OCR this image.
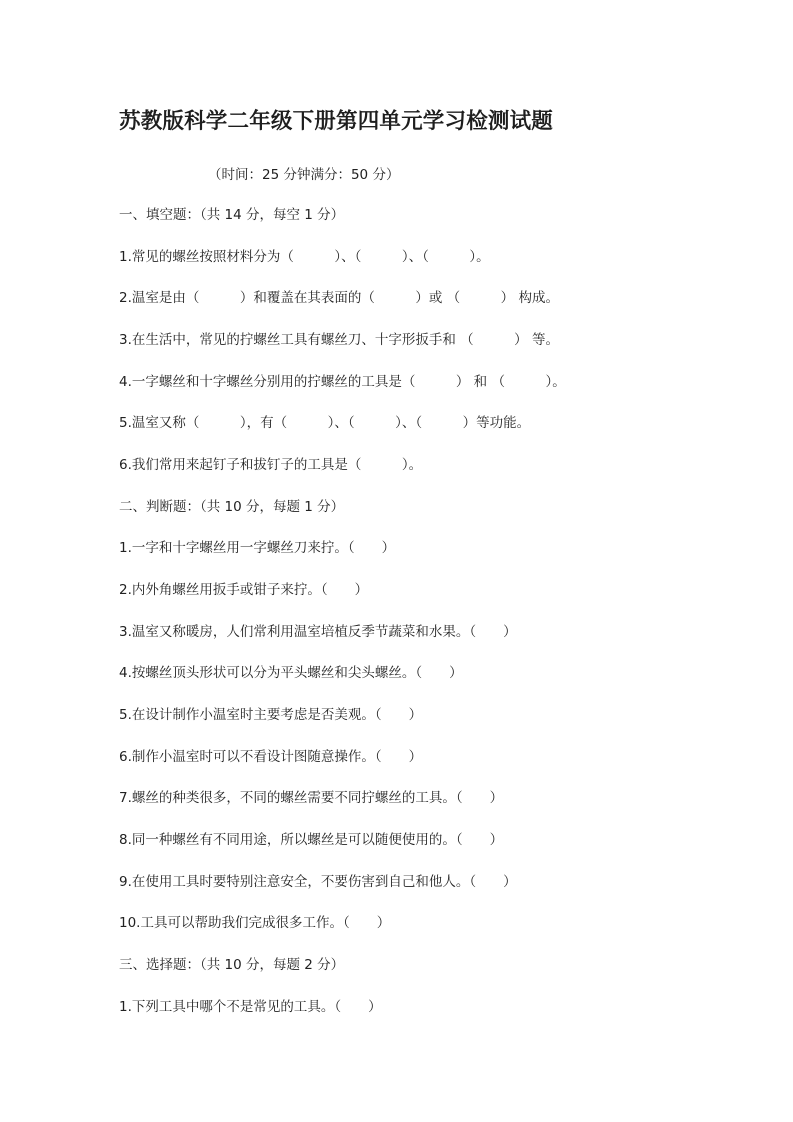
苏教版科学二年级下册第四单元学习检测试题
（时间：25 分钟满分：50 分）
一、填空题：（共 14 分，每空 1 分）
1.常见的螺丝按照材料分为（　　　）、（　　　）、（　　　）。
2.温室是由（　　　）和覆盖在其表面的（　　　）或 （　　　） 构成。
3.在生活中，常见的拧螺丝工具有螺丝刀、十字形扳手和 （　　　） 等。
4.一字螺丝和十字螺丝分别用的拧螺丝的工具是（　　　） 和 （　　　）。
5.温室又称（　　　），有（　　　）、（　　　）、（　　　）等功能。
6.我们常用来起钉子和拔钉子的工具是（　　　）。
二、判断题：（共 10 分，每题 1 分）
1.一字和十字螺丝用一字螺丝刀来拧。（　　）
2.内外角螺丝用扳手或钳子来拧。（　　）
3.温室又称暖房，人们常利用温室培植反季节蔬菜和水果。（　　）
4.按螺丝顶头形状可以分为平头螺丝和尖头螺丝。（　　）
5.在设计制作小温室时主要考虑是否美观。（　　）
6.制作小温室时可以不看设计图随意操作。（　　）
7.螺丝的种类很多，不同的螺丝需要不同拧螺丝的工具。（　　）
8.同一种螺丝有不同用途，所以螺丝是可以随便使用的。（　　）
9.在使用工具时要特别注意安全，不要伤害到自己和他人。（　　）
10.工具可以帮助我们完成很多工作。（　　）
三、选择题：（共 10 分，每题 2 分）
1.下列工具中哪个不是常见的工具。（　　）
